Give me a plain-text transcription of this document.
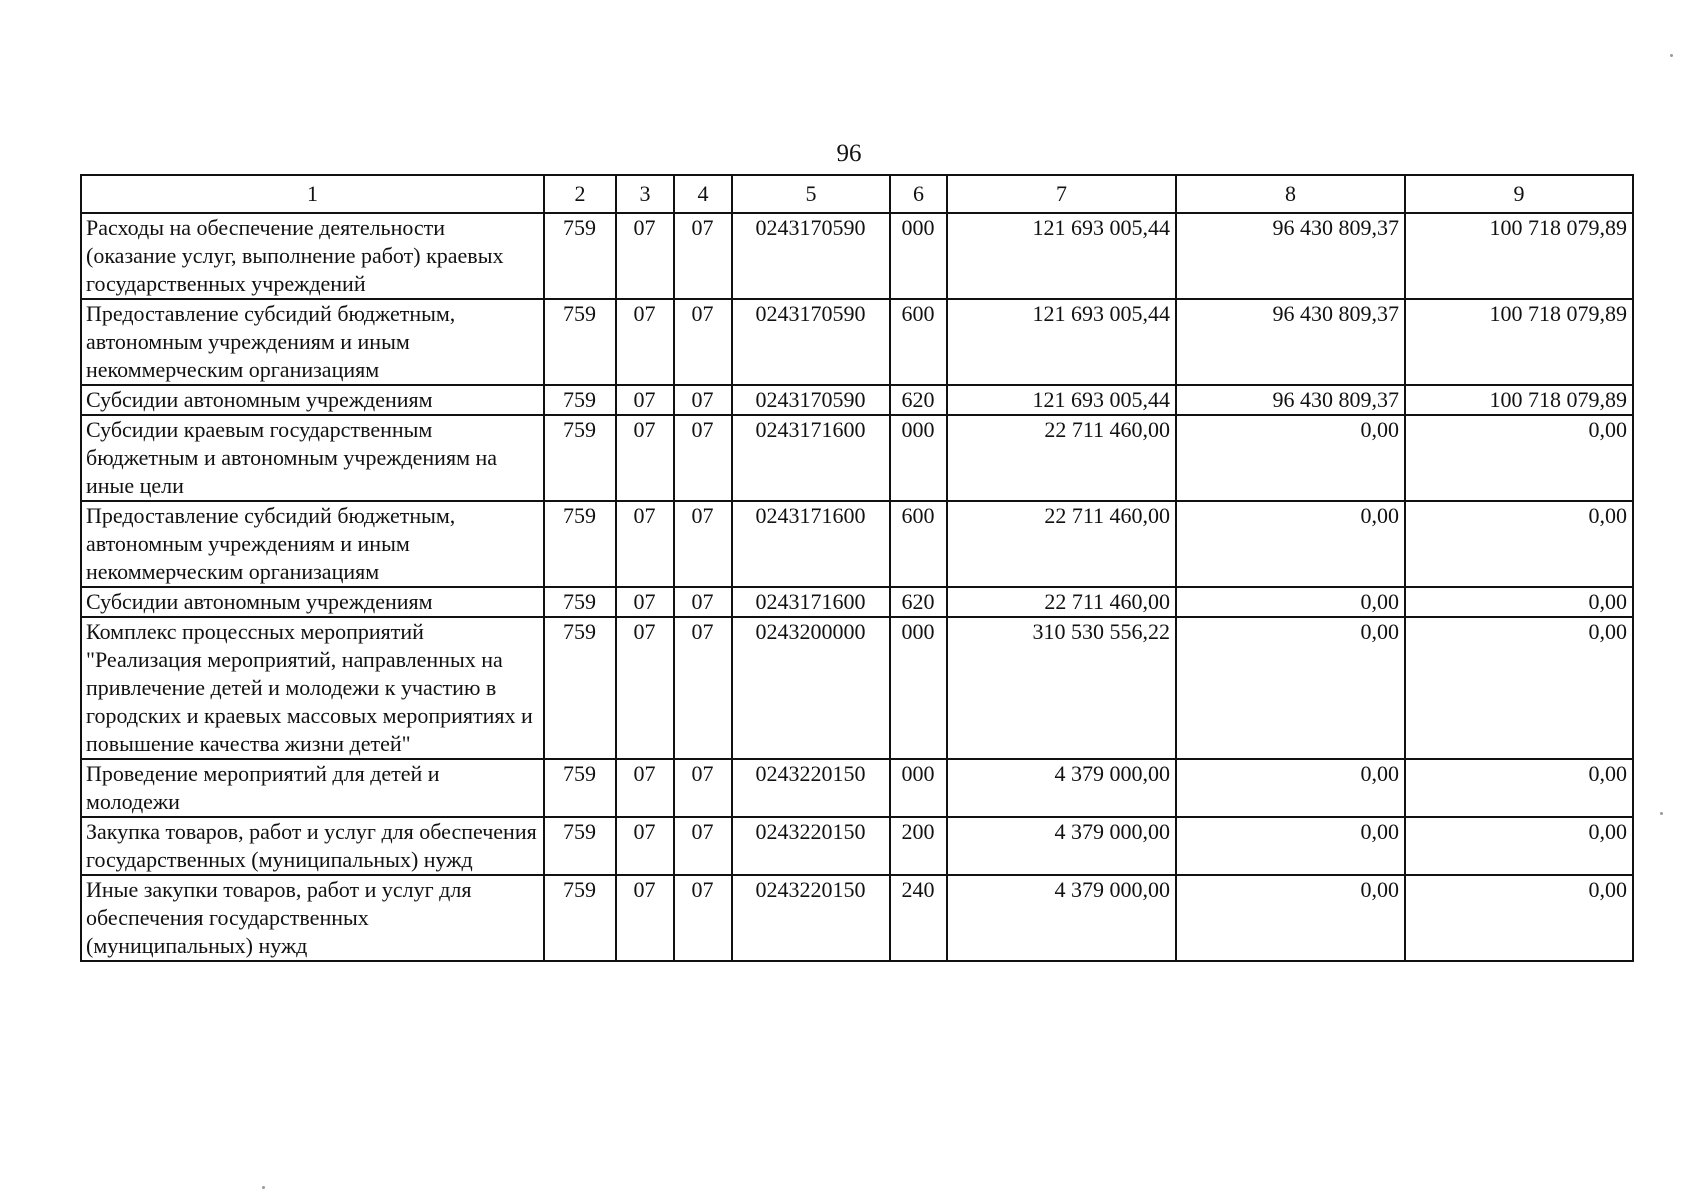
96
1	2	3	4	5	6	7	8	9
Расходы на обеспечение деятельности (оказание услуг, выполнение работ) краевых государственных учреждений	759	07	07	0243170590	000	121 693 005,44	96 430 809,37	100 718 079,89
Предоставление субсидий бюджетным, автономным учреждениям и иным некоммерческим организациям	759	07	07	0243170590	600	121 693 005,44	96 430 809,37	100 718 079,89
Субсидии автономным учреждениям	759	07	07	0243170590	620	121 693 005,44	96 430 809,37	100 718 079,89
Субсидии краевым государственным бюджетным и автономным учреждениям на иные цели	759	07	07	0243171600	000	22 711 460,00	0,00	0,00
Предоставление субсидий бюджетным, автономным учреждениям и иным некоммерческим организациям	759	07	07	0243171600	600	22 711 460,00	0,00	0,00
Субсидии автономным учреждениям	759	07	07	0243171600	620	22 711 460,00	0,00	0,00
Комплекс процессных мероприятий "Реализация мероприятий, направленных на привлечение детей и молодежи к участию в городских и краевых массовых мероприятиях и повышение качества жизни детей"	759	07	07	0243200000	000	310 530 556,22	0,00	0,00
Проведение мероприятий для детей и молодежи	759	07	07	0243220150	000	4 379 000,00	0,00	0,00
Закупка товаров, работ и услуг для обеспечения государственных (муниципальных) нужд	759	07	07	0243220150	200	4 379 000,00	0,00	0,00
Иные закупки товаров, работ и услуг для обеспечения государственных (муниципальных) нужд	759	07	07	0243220150	240	4 379 000,00	0,00	0,00
